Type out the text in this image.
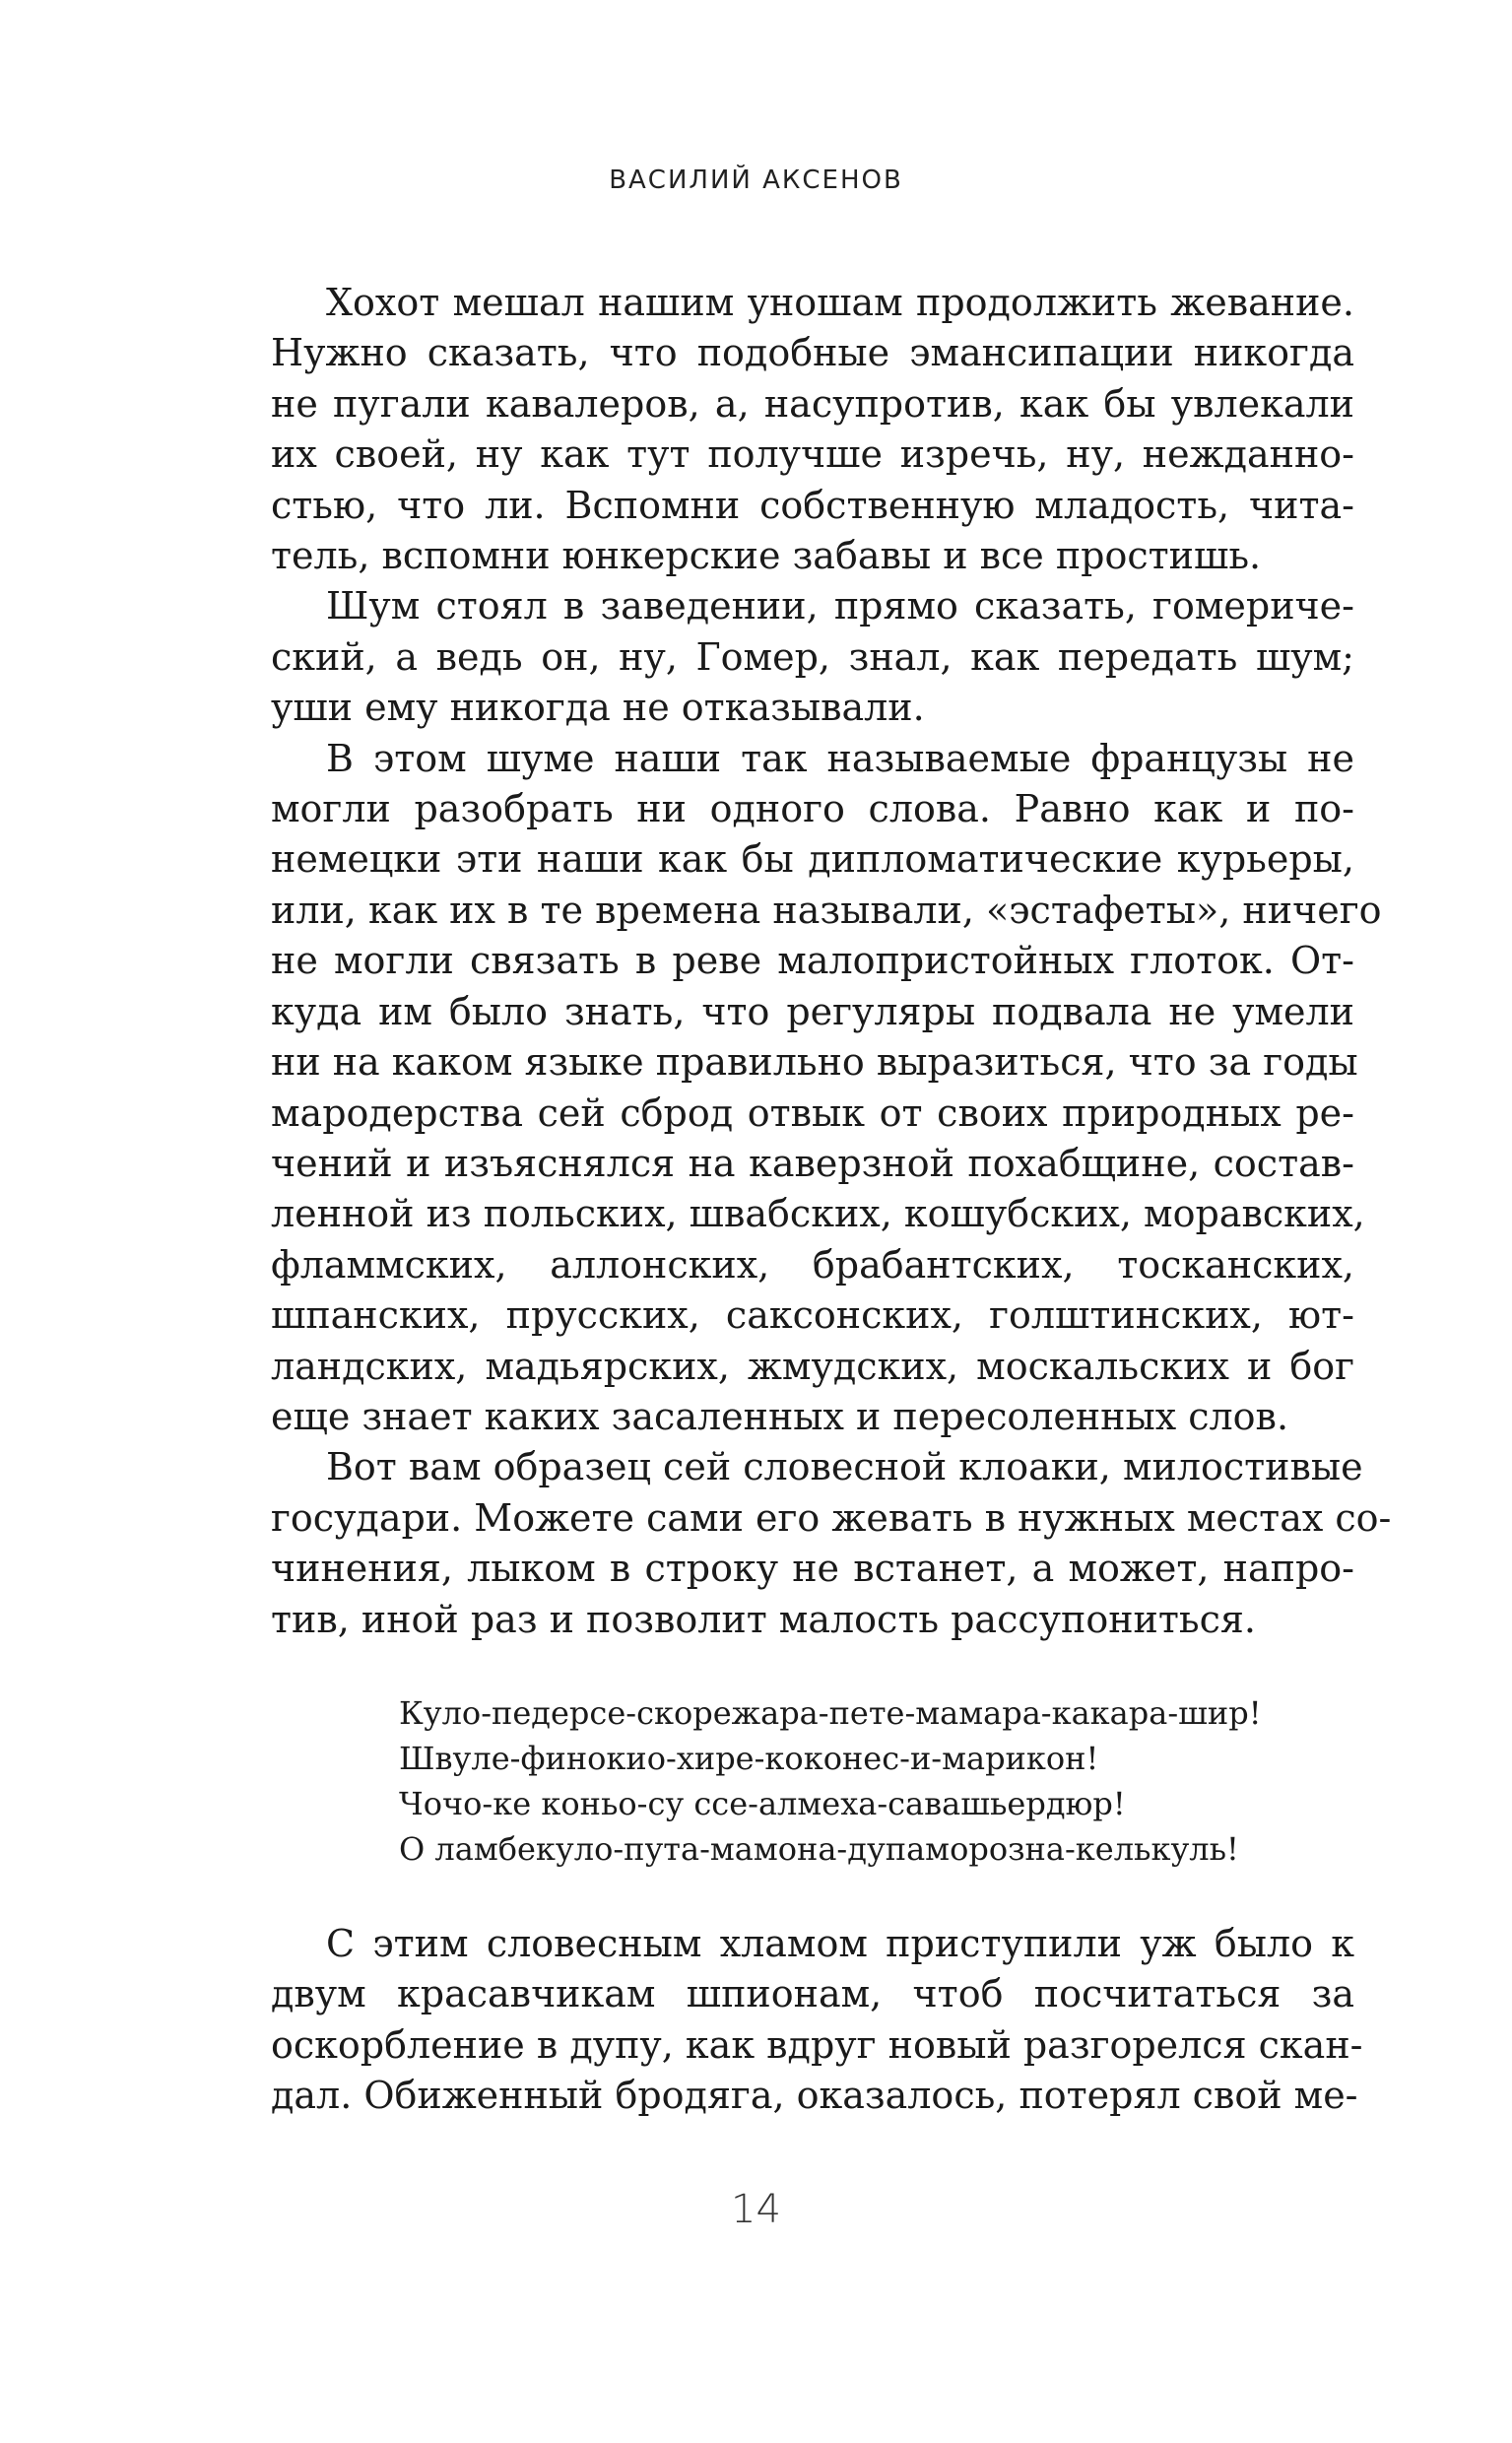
ВАСИЛИЙ АКСЕНОВ
Хохот мешал нашим уношам продолжить жевание.
Нужно сказать, что подобные эмансипации никогда
не пугали кавалеров, а, насупротив, как бы увлекали
их своей, ну как тут получше изречь, ну, нежданно-
стью, что ли. Вспомни собственную младость, чита-
тель, вспомни юнкерские забавы и все простишь.
Шум стоял в заведении, прямо сказать, гомериче-
ский, а ведь он, ну, Гомер, знал, как передать шум;
уши ему никогда не отказывали.
В этом шуме наши так называемые французы не
могли разобрать ни одного слова. Равно как и по-
немецки эти наши как бы дипломатические курьеры,
или, как их в те времена называли, «эстафеты», ничего
не могли связать в реве малопристойных глоток. От-
куда им было знать, что регуляры подвала не умели
ни на каком языке правильно выразиться, что за годы
мародерства сей сброд отвык от своих природных ре-
чений и изъяснялся на каверзной похабщине, состав-
ленной из польских, швабских, кошубских, моравских,
фламмских, аллонских, брабантских, тосканских,
шпанских, прусских, саксонских, голштинских, ют-
ландских, мадьярских, жмудских, москальских и бог
еще знает каких засаленных и пересоленных слов.
Вот вам образец сей словесной клоаки, милостивые
государи. Можете сами его жевать в нужных местах со-
чинения, лыком в строку не встанет, а может, напро-
тив, иной раз и позволит малость рассупониться.
Куло-педерсе-скорежара-пете-мамара-какара-шир!
Швуле-финокио-хире-коконес-и-марикон!
Чочо-ке коньо-су ссе-алмеха-савашьердюр!
О ламбекуло-пута-мамона-дупаморозна-келькуль!
С этим словесным хламом приступили уж было к
двум красавчикам шпионам, чтоб посчитаться за
оскорбление в дупу, как вдруг новый разгорелся скан-
дал. Обиженный бродяга, оказалось, потерял свой ме-
14
